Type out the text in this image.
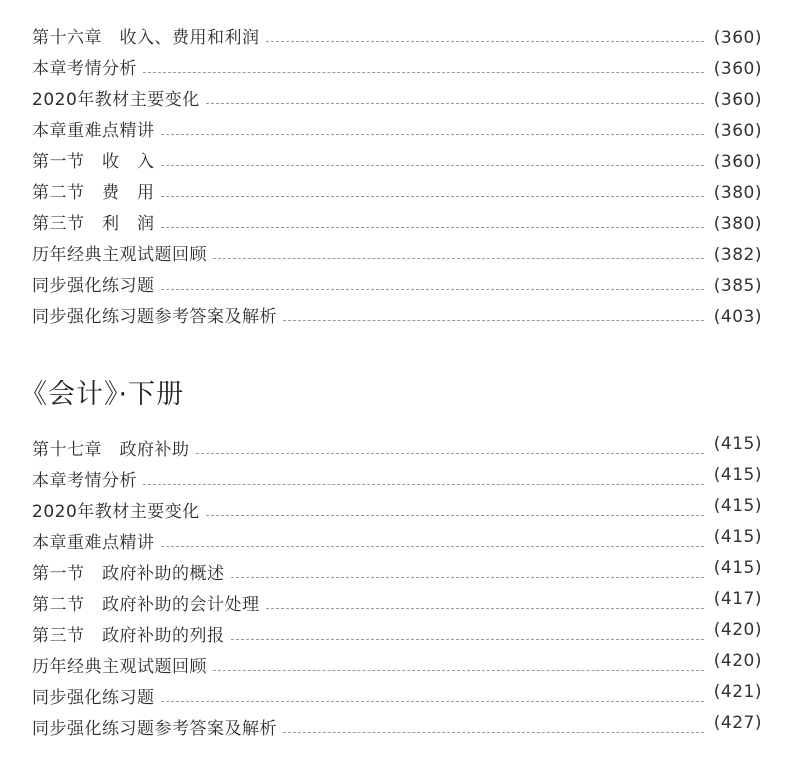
第十六章　收入、费用和利润	(360)
本章考情分析	(360)
2020年教材主要变化	(360)
本章重难点精讲	(360)
第一节　收　入	(360)
第二节　费　用	(380)
第三节　利　润	(380)
历年经典主观试题回顾	(382)
同步强化练习题	(385)
同步强化练习题参考答案及解析	(403)
《会计》·下册
第十七章　政府补助	(415)
本章考情分析	(415)
2020年教材主要变化	(415)
本章重难点精讲	(415)
第一节　政府补助的概述	(415)
第二节　政府补助的会计处理	(417)
第三节　政府补助的列报	(420)
历年经典主观试题回顾	(420)
同步强化练习题	(421)
同步强化练习题参考答案及解析	(427)
